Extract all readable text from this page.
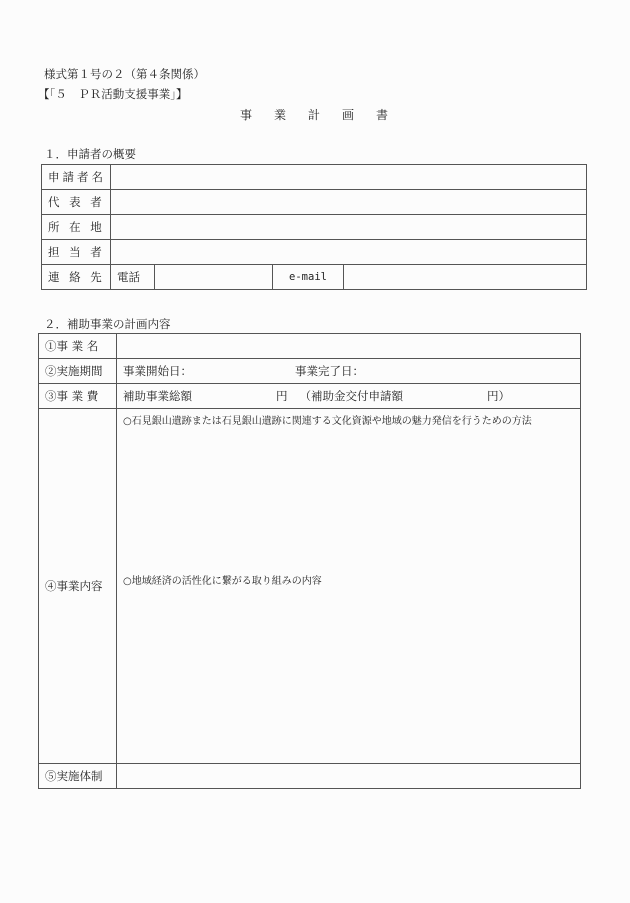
様式第１号の２（第４条関係）
【「５　ＰＲ活動支援事業」】
事業計画書
１．申請者の概要
申請者名				
代 表 者				
所 在 地				
担 当 者				
連 絡 先	電話		e-mail	
２．補助事業の計画内容
①事 業 名	
②実施期間	事業開始日： 事業完了日：
③事 業 費	補助事業総額 円 （補助金交付申請額 円）
④事業内容	○石見銀山遺跡または石見銀山遺跡に関連する文化資源や地域の魅力発信を行うための方法
○地域経済の活性化に繋がる取り組みの内容

⑤実施体制	
